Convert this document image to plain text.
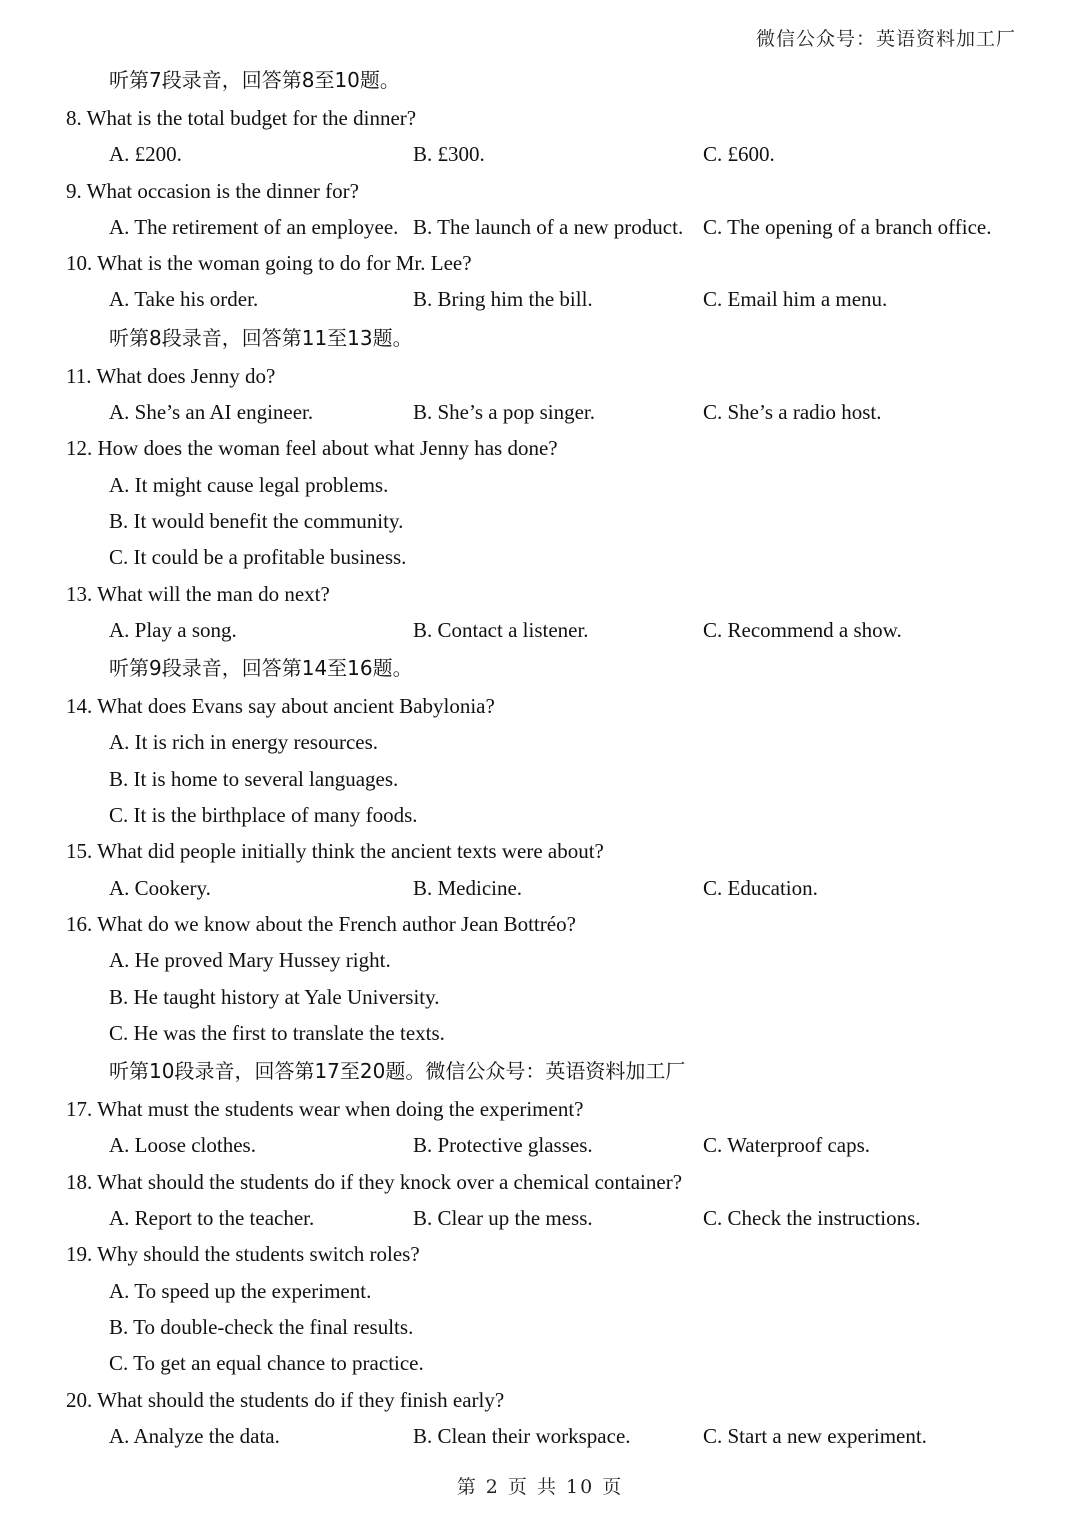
微信公众号：英语资料加工厂
听第7段录音，回答第8至10题。
8. What is the total budget for the dinner?
A. £200.	B. £300.	C. £600.
9. What occasion is the dinner for?
A. The retirement of an employee. B. The launch of a new product. C. The opening of a branch office.
10. What is the woman going to do for Mr. Lee?
A. Take his order.	B. Bring him the bill.	C. Email him a menu.
听第8段录音，回答第11至13题。
11. What does Jenny do?
A. She’s an AI engineer.	B. She’s a pop singer.	C. She’s a radio host.
12. How does the woman feel about what Jenny has done?
A. It might cause legal problems.
B. It would benefit the community.
C. It could be a profitable business.
13. What will the man do next?
A. Play a song.	B. Contact a listener.	C. Recommend a show.
听第9段录音，回答第14至16题。
14. What does Evans say about ancient Babylonia?
A. It is rich in energy resources.
B. It is home to several languages.
C. It is the birthplace of many foods.
15. What did people initially think the ancient texts were about?
A. Cookery.	B. Medicine.	C. Education.
16. What do we know about the French author Jean Bottréo?
A. He proved Mary Hussey right.
B. He taught history at Yale University.
C. He was the first to translate the texts.
听第10段录音，回答第17至20题。微信公众号：英语资料加工厂
17. What must the students wear when doing the experiment?
A. Loose clothes.	B. Protective glasses.	C. Waterproof caps.
18. What should the students do if they knock over a chemical container?
A. Report to the teacher.	B. Clear up the mess.	C. Check the instructions.
19. Why should the students switch roles?
A. To speed up the experiment.
B. To double-check the final results.
C. To get an equal chance to practice.
20. What should the students do if they finish early?
A. Analyze the data.	B. Clean their workspace.	C. Start a new experiment.
第 2 页 共 10 页
